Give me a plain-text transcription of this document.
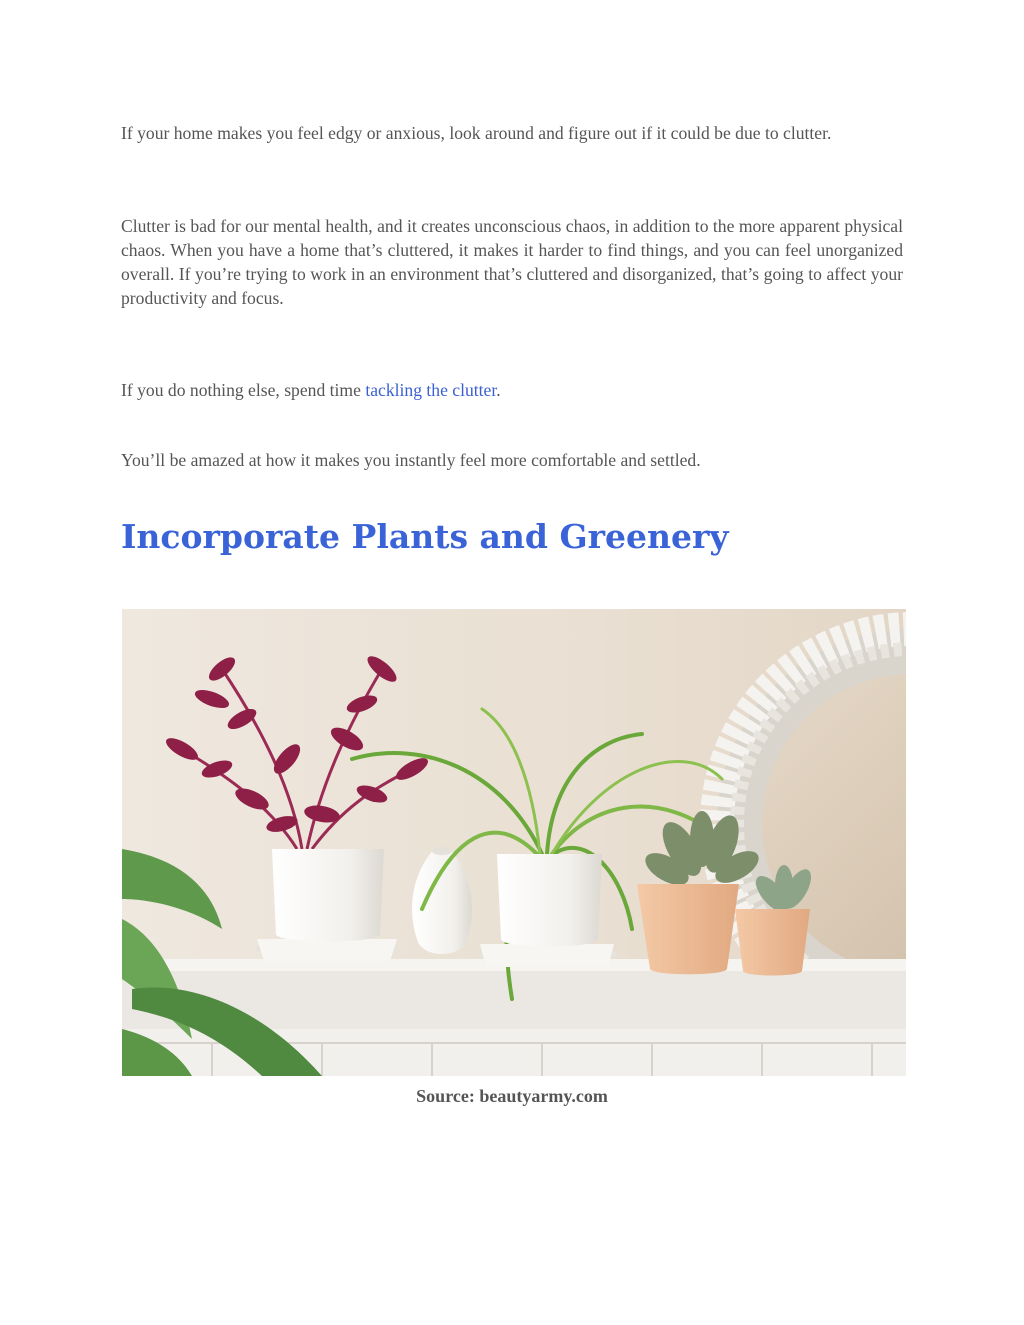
If your home makes you feel edgy or anxious, look around and figure out if it could be due to clutter.

Clutter is bad for our mental health, and it creates unconscious chaos, in addition to the more apparent physical chaos. When you have a home that’s cluttered, it makes it harder to find things, and you can feel unorganized overall. If you’re trying to work in an environment that’s cluttered and disorganized, that’s going to affect your productivity and focus.

If you do nothing else, spend time tackling the clutter.

You’ll be amazed at how it makes you instantly feel more comfortable and settled.

Incorporate Plants and Greenery

Source: beautyarmy.com
